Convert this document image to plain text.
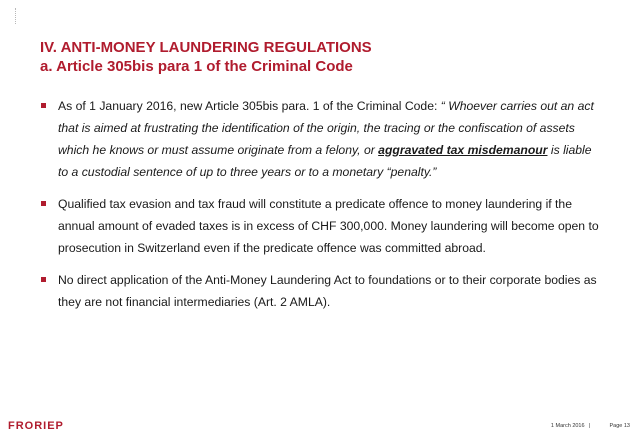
IV. ANTI-MONEY LAUNDERING REGULATIONS
a. Article 305bis para 1 of the Criminal Code
As of 1 January 2016, new Article 305bis para. 1 of the Criminal Code: “ Whoever carries out an act that is aimed at frustrating the identification of the origin, the tracing or the confiscation of assets which he knows or must assume originate from a felony, or aggravated tax misdemanour is liable to a custodial sentence of up to three years or to a monetary “penalty.”
Qualified tax evasion and tax fraud will constitute a predicate offence to money laundering if the annual amount of evaded taxes is in excess of CHF 300,000. Money laundering will become open to prosecution in Switzerland even if the predicate offence was committed abroad.
No direct application of the Anti-Money Laundering Act to foundations or to their corporate bodies as they are not financial intermediaries (Art. 2 AMLA).
FRORIEP	1 March 2016 |	Page 13
